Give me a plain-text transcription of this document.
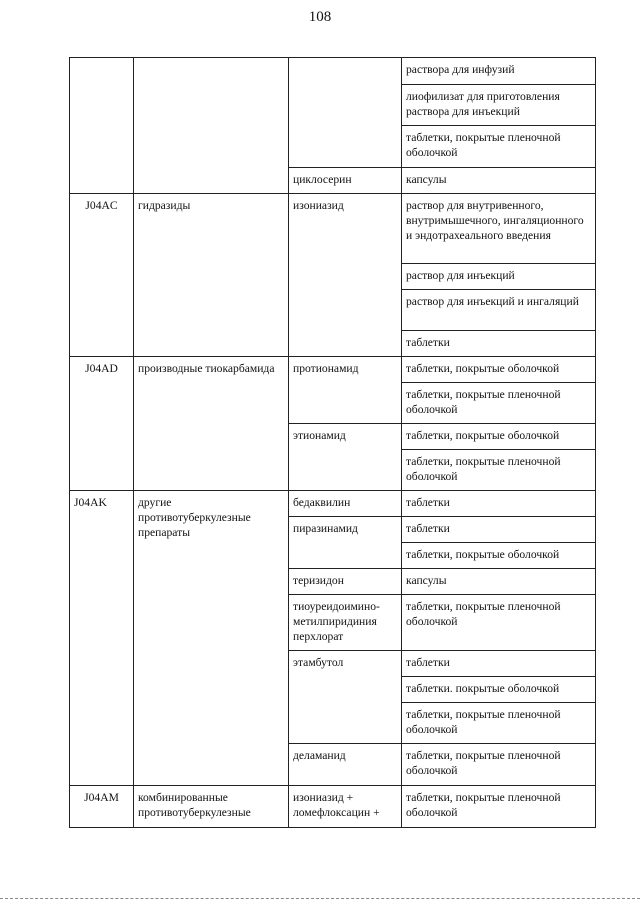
108
			раствора для инфузий
			лиофилизат для приготовления раствора для инъекций
			таблетки, покрытые пленочной оболочкой
		циклосерин	капсулы
J04AC	гидразиды	изониазид	раствор для внутривенного, внутримышечного, ингаляционного и эндотрахеального введения
			раствор для инъекций
			раствор для инъекций и ингаляций
			таблетки
J04AD	производные тиокарбамида	протионамид	таблетки, покрытые оболочкой
			таблетки, покрытые пленочной оболочкой
		этионамид	таблетки, покрытые оболочкой
			таблетки, покрытые пленочной оболочкой
J04AK	другие противотуберкулезные препараты	бедаквилин	таблетки
		пиразинамид	таблетки
			таблетки, покрытые оболочкой
		теризидон	капсулы
		тиоуреидоимино-метилпиридиния перхлорат	таблетки, покрытые пленочной оболочкой
		этамбутол	таблетки
			таблетки. покрытые оболочкой
			таблетки, покрытые пленочной оболочкой
		деламанид	таблетки, покрытые пленочной оболочкой
J04AM	комбинированные противотуберкулезные	изониазид + ломефлоксацин +	таблетки, покрытые пленочной оболочкой
